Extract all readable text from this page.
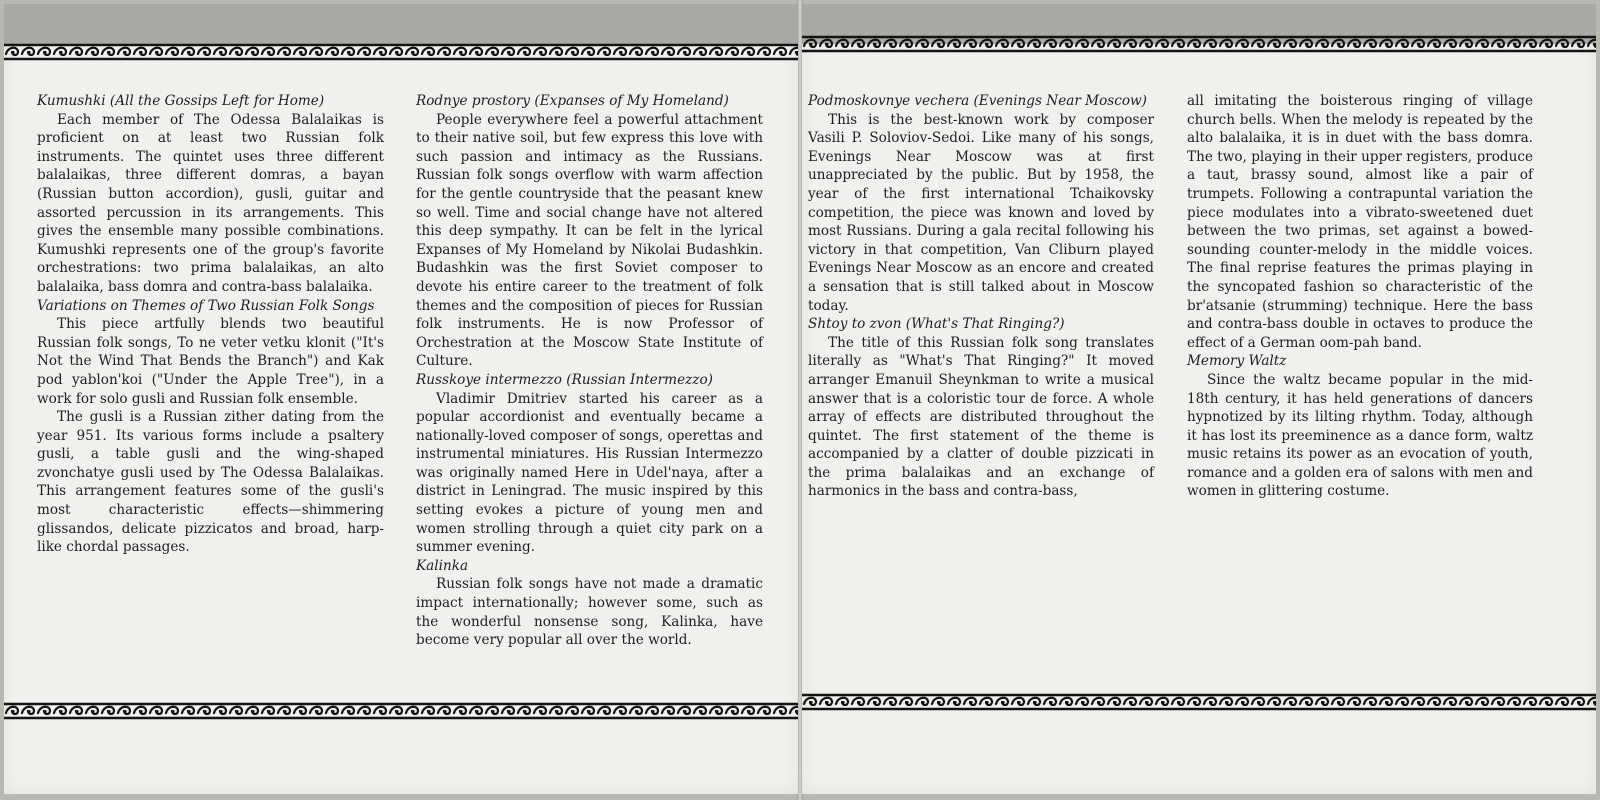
Kumushki (All the Gossips Left for Home)

Each member of The Odessa Balalaikas is proficient on at least two Russian folk instruments. The quintet uses three different balalaikas, three different domras, a bayan (Russian button accordion), gusli, guitar and assorted percussion in its arrangements. This gives the ensemble many possible combinations. Kumushki represents one of the group's favorite orchestrations: two prima balalaikas, an alto balalaika, bass domra and contra-bass balalaika.

Variations on Themes of Two Russian Folk Songs

This piece artfully blends two beautiful Russian folk songs, To ne veter vetku klonit ("It's Not the Wind That Bends the Branch") and Kak pod yablon'koi ("Under the Apple Tree"), in a work for solo gusli and Russian folk ensemble.

The gusli is a Russian zither dating from the year 951. Its various forms include a psaltery gusli, a table gusli and the wing-shaped zvonchatye gusli used by The Odessa Balalaikas. This arrangement features some of the gusli's most characteristic effects—shimmering glissandos, delicate pizzicatos and broad, harp-like chordal passages.

Rodnye prostory (Expanses of My Homeland)

People everywhere feel a powerful attachment to their native soil, but few express this love with such passion and intimacy as the Russians. Russian folk songs overflow with warm affection for the gentle countryside that the peasant knew so well. Time and social change have not altered this deep sympathy. It can be felt in the lyrical Expanses of My Homeland by Nikolai Budashkin. Budashkin was the first Soviet composer to devote his entire career to the treatment of folk themes and the composition of pieces for Russian folk instruments. He is now Professor of Orchestration at the Moscow State Institute of Culture.

Russkoye intermezzo (Russian Intermezzo)

Vladimir Dmitriev started his career as a popular accordionist and eventually became a nationally-loved composer of songs, operettas and instrumental miniatures. His Russian Intermezzo was originally named Here in Udel'naya, after a district in Leningrad. The music inspired by this setting evokes a picture of young men and women strolling through a quiet city park on a summer evening.

Kalinka

Russian folk songs have not made a dramatic impact internationally; however some, such as the wonderful nonsense song, Kalinka, have become very popular all over the world.

Podmoskovnye vechera (Evenings Near Moscow)

This is the best-known work by composer Vasili P. Soloviov-Sedoi. Like many of his songs, Evenings Near Moscow was at first unappreciated by the public. But by 1958, the year of the first international Tchaikovsky competition, the piece was known and loved by most Russians. During a gala recital following his victory in that competition, Van Cliburn played Evenings Near Moscow as an encore and created a sensation that is still talked about in Moscow today.

Shtoy to zvon (What's That Ringing?)

The title of this Russian folk song translates literally as "What's That Ringing?" It moved arranger Emanuil Sheynkman to write a musical answer that is a coloristic tour de force. A whole array of effects are distributed throughout the quintet. The first statement of the theme is accompanied by a clatter of double pizzicati in the prima balalaikas and an exchange of harmonics in the bass and contra-bass,

all imitating the boisterous ringing of village church bells. When the melody is repeated by the alto balalaika, it is in duet with the bass domra. The two, playing in their upper registers, produce a taut, brassy sound, almost like a pair of trumpets. Following a contrapuntal variation the piece modulates into a vibrato-sweetened duet between the two primas, set against a bowed-sounding counter-melody in the middle voices. The final reprise features the primas playing in the syncopated fashion so characteristic of the br'atsanie (strumming) technique. Here the bass and contra-bass double in octaves to produce the effect of a German oom-pah band.

Memory Waltz

Since the waltz became popular in the mid-18th century, it has held generations of dancers hypnotized by its lilting rhythm. Today, although it has lost its preeminence as a dance form, waltz music retains its power as an evocation of youth, romance and a golden era of salons with men and women in glittering costume.
